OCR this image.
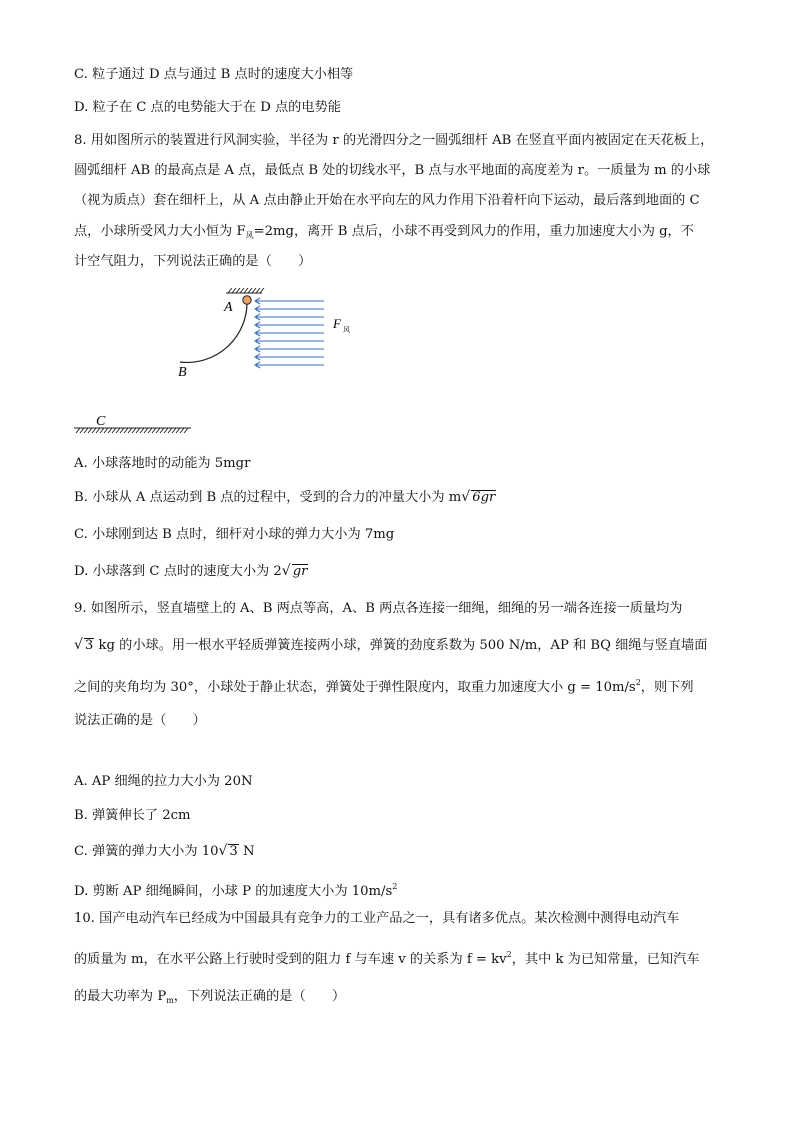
C. 粒子通过 D 点与通过 B 点时的速度大小相等
D. 粒子在 C 点的电势能大于在 D 点的电势能
8. 用如图所示的装置进行风洞实验，半径为 r 的光滑四分之一圆弧细杆 AB 在竖直平面内被固定在天花板上，
圆弧细杆 AB 的最高点是 A 点，最低点 B 处的切线水平，B 点与水平地面的高度差为 r。一质量为 m 的小球
（视为质点）套在细杆上，从 A 点由静止开始在水平向左的风力作用下沿着杆向下运动，最后落到地面的 C
点，小球所受风力大小恒为 $F_风=2mg$，离开 B 点后，小球不再受到风力的作用，重力加速度大小为 g，不
计空气阻力，下列说法正确的是（　　）
A
B
F 风
C
A. 小球落地时的动能为 5mgr
B. 小球从 A 点运动到 B 点的过程中，受到的合力的冲量大小为 m√ 6gr
C. 小球刚到达 B 点时，细杆对小球的弹力大小为 7mg
D. 小球落到 C 点时的速度大小为 2√ gr
9. 如图所示，竖直墙壁上的 A、B 两点等高，A、B 两点各连接一细绳，细绳的另一端各连接一质量均为
√ 3 kg 的小球。用一根水平轻质弹簧连接两小球，弹簧的劲度系数为 500 N/m，AP 和 BQ 细绳与竖直墙面
之间的夹角均为 30°，小球处于静止状态，弹簧处于弹性限度内，取重力加速度大小 $g = 10m/s^2$，则下列
说法正确的是（　　）
A. AP 细绳的拉力大小为 20N
B. 弹簧伸长了 2cm
C. 弹簧的弹力大小为 10√ 3 N
D. 剪断 AP 细绳瞬间，小球 P 的加速度大小为 $10m/s^2$
10. 国产电动汽车已经成为中国最具有竞争力的工业产品之一，具有诸多优点。某次检测中测得电动汽车
的质量为 m，在水平公路上行驶时受到的阻力 f 与车速 v 的关系为 $f = kv^2$，其中 k 为已知常量，已知汽车
的最大功率为 $P_m$，下列说法正确的是（　　）
